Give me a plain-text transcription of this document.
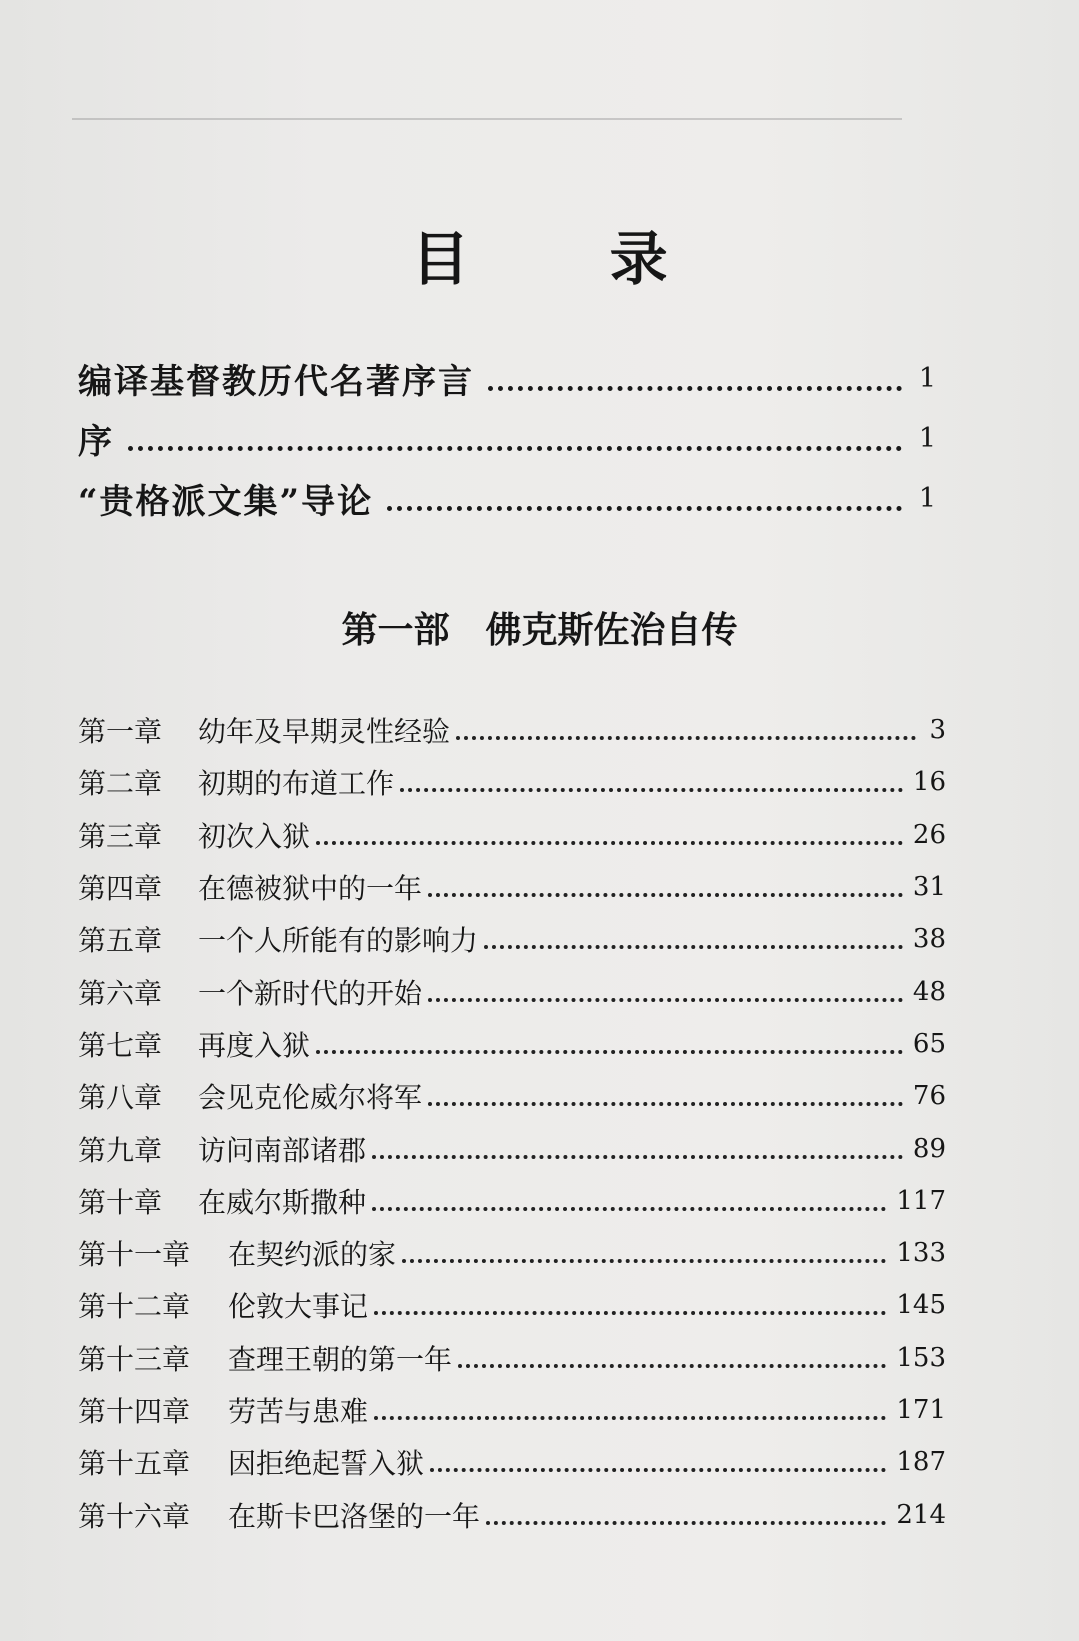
目 录
编译基督教历代名著序言	1
序	1
“贵格派文集”导论	1
第一部　佛克斯佐治自传
第一章	幼年及早期灵性经验	3
第二章	初期的布道工作	16
第三章	初次入狱	26
第四章	在德被狱中的一年	31
第五章	一个人所能有的影响力	38
第六章	一个新时代的开始	48
第七章	再度入狱	65
第八章	会见克伦威尔将军	76
第九章	访问南部诸郡	89
第十章	在威尔斯撒种	117
第十一章	在契约派的家	133
第十二章	伦敦大事记	145
第十三章	查理王朝的第一年	153
第十四章	劳苦与患难	171
第十五章	因拒绝起誓入狱	187
第十六章	在斯卡巴洛堡的一年	214
